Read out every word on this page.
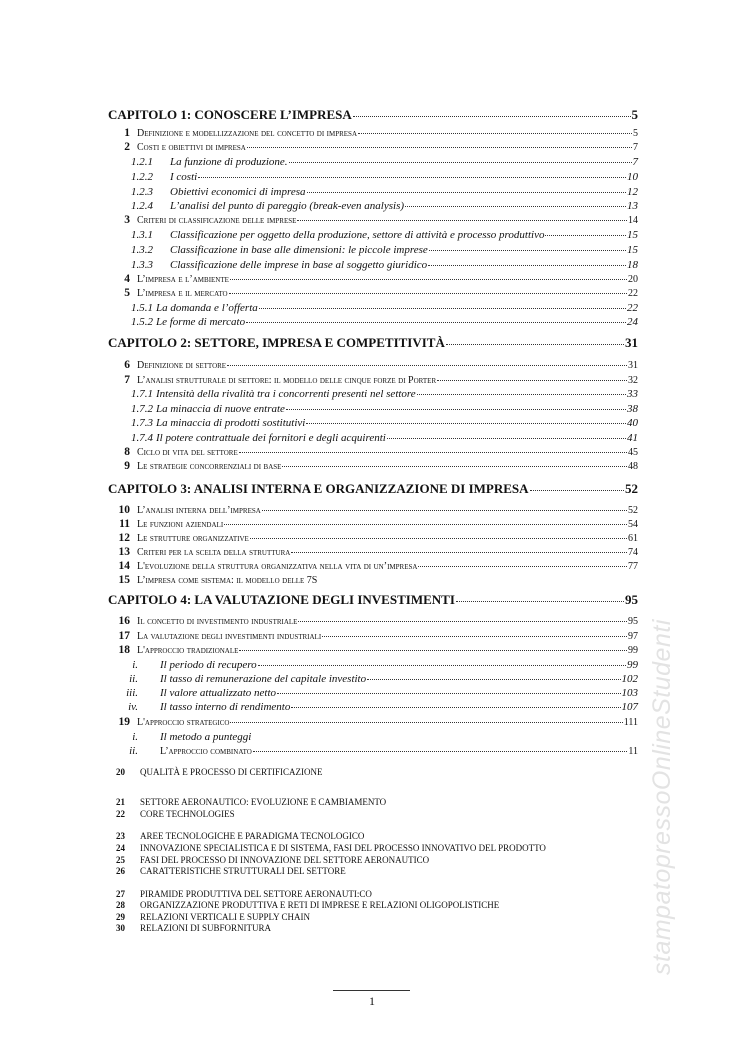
CAPITOLO 1: CONOSCERE L’IMPRESA	5
1 Definizione e modellizzazione del concetto di impresa	5
2 Costi e obiettivi di impresa	7
1.2.1	La funzione di produzione.	7
1.2.2	I costi	10
1.2.3	Obiettivi economici di impresa	12
1.2.4	L’analisi del punto di pareggio (break-even analysis)	13
3 Criteri di classificazione delle imprese	14
1.3.1	Classificazione per oggetto della produzione, settore di attività e processo produttivo	15
1.3.2	Classificazione in base alle dimensioni: le piccole imprese	15
1.3.3	Classificazione delle imprese in base al soggetto giuridico	18
4 L’impresa e l’ambiente	20
5 L’impresa e il mercato	22
1.5.1 La domanda e l’offerta	22
1.5.2 Le forme di mercato	24
CAPITOLO 2: SETTORE, IMPRESA E COMPETITIVITÀ	31
6 Definizione di settore	31
7 L’analisi strutturale di settore: il modello delle cinque forze di Porter	32
1.7.1 Intensità della rivalità tra i concorrenti presenti nel settore	33
1.7.2 La minaccia di nuove entrate	38
1.7.3 La minaccia di prodotti sostitutivi	40
1.7.4 Il potere contrattuale dei fornitori e degli acquirenti	41
8 Ciclo di vita del settore	45
9 Le strategie concorrenziali di base	48
CAPITOLO 3: ANALISI INTERNA E ORGANIZZAZIONE DI IMPRESA	52
10 L’analisi interna dell’impresa	52
11 Le funzioni aziendali	54
12 Le strutture organizzative	61
13 Criteri per la scelta della struttura	74
14 L'evoluzione della struttura organizzativa nella vita di un’impresa	77
15 L’impresa come sistema: il modello delle 7S
CAPITOLO 4: LA VALUTAZIONE DEGLI INVESTIMENTI	95
16 Il concetto di investimento industriale	95
17 La valutazione degli investimenti industriali	97
18 L'approccio tradizionale	99
i. Il periodo di recupero	99
ii. Il tasso di remunerazione del capitale investito	102
iii. Il valore attualizzato netto	103
iv. Il tasso interno di rendimento	107
19 L'approccio strategico	111
i. Il metodo a punteggi
ii. L’approccio combinato	11
20 QUALITÀ E PROCESSO DI CERTIFICAZIONE
21 SETTORE AERONAUTICO: EVOLUZIONE E CAMBIAMENTO
22 CORE TECHNOLOGIES
23 AREE TECNOLOGICHE E PARADIGMA TECNOLOGICO
24 INNOVAZIONE SPECIALISTICA E DI SISTEMA, FASI DEL PROCESSO INNOVATIVO DEL PRODOTTO
25 FASI DEL PROCESSO DI INNOVAZIONE DEL SETTORE AERONAUTICO
26 CARATTERISTICHE STRUTTURALI DEL SETTORE
27 PIRAMIDE PRODUTTIVA DEL SETTORE AERONAUTI:CO
28 ORGANIZZAZIONE PRODUTTIVA E RETI DI IMPRESE E RELAZIONI OLIGOPOLISTICHE
29 RELAZIONI VERTICALI E SUPPLY CHAIN
30 RELAZIONI DI SUBFORNITURA	stampatopressoOnlineStudenti
1
